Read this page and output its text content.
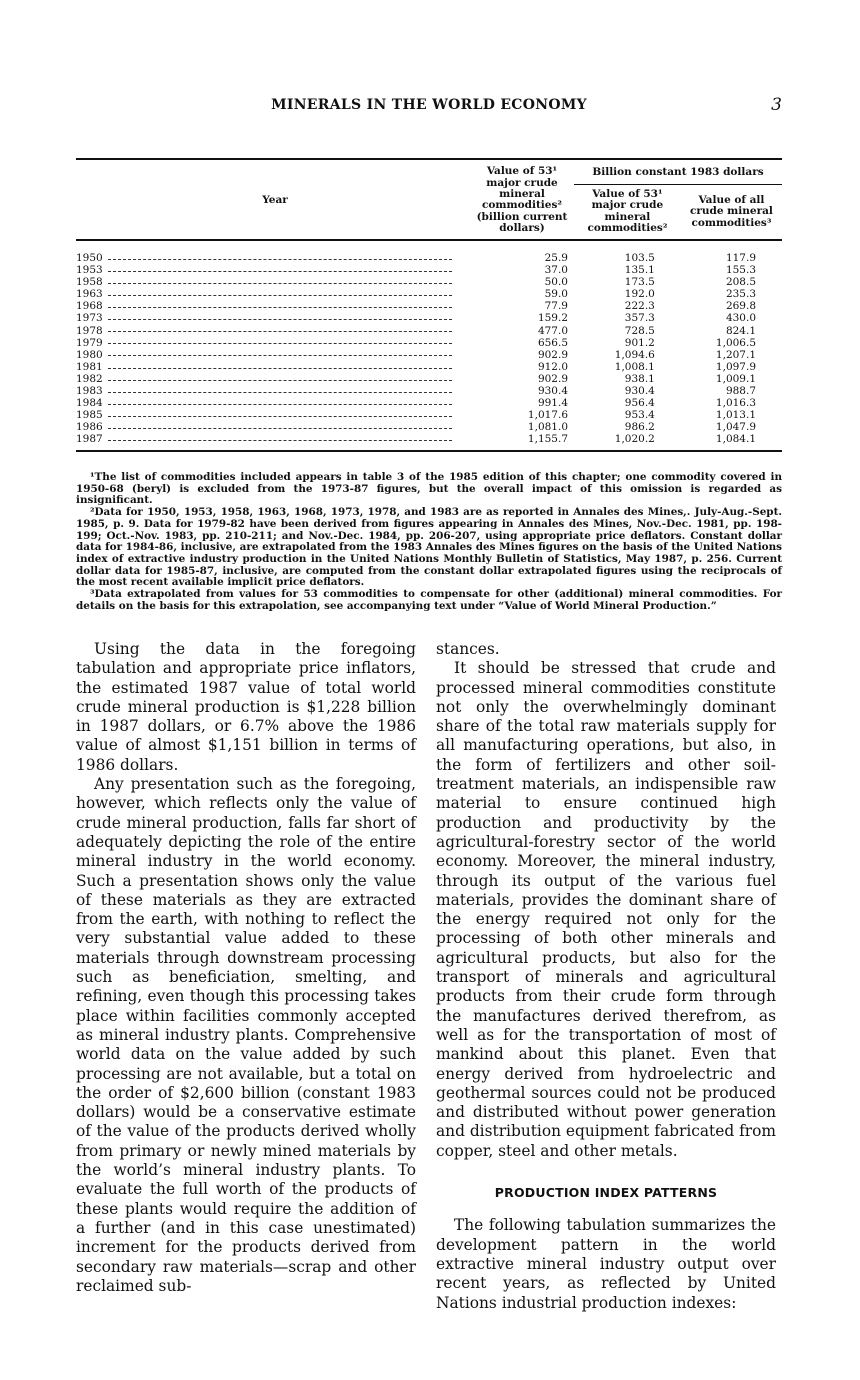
MINERALS IN THE WORLD ECONOMY	3

Year	Value of 53¹ major crude mineral commodities² (billion current dollars)	Billion constant 1983 dollars	
		Value of 53¹ major crude mineral commodities²	Value of all crude mineral commodities³

1950	25.9	103.5	117.9
1953	37.0	135.1	155.3
1958	50.0	173.5	208.5
1963	59.0	192.0	235.3
1968	77.9	222.3	269.8
1973	159.2	357.3	430.0
1978	477.0	728.5	824.1
1979	656.5	901.2	1,006.5
1980	902.9	1,094.6	1,207.1
1981	912.0	1,008.1	1,097.9
1982	902.9	938.1	1,009.1
1983	930.4	930.4	988.7
1984	991.4	956.4	1,016.3
1985	1,017.6	953.4	1,013.1
1986	1,081.0	986.2	1,047.9
1987	1,155.7	1,020.2	1,084.1

¹The list of commodities included appears in table 3 of the 1985 edition of this chapter; one commodity covered in 1950-68 (beryl) is excluded from the 1973-87 figures, but the overall impact of this omission is regarded as insignificant.

²Data for 1950, 1953, 1958, 1963, 1968, 1973, 1978, and 1983 are as reported in Annales des Mines,. July-Aug.-Sept. 1985, p. 9. Data for 1979-82 have been derived from figures appearing in Annales des Mines, Nov.-Dec. 1981, pp. 198-199; Oct.-Nov. 1983, pp. 210-211; and Nov.-Dec. 1984, pp. 206-207, using appropriate price deflators. Constant dollar data for 1984-86, inclusive, are extrapolated from the 1983 Annales des Mines figures on the basis of the United Nations index of extractive industry production in the United Nations Monthly Bulletin of Statistics, May 1987, p. 256. Current dollar data for 1985-87, inclusive, are computed from the constant dollar extrapolated figures using the reciprocals of the most recent available implicit price deflators.

³Data extrapolated from values for 53 commodities to compensate for other (additional) mineral commodities. For details on the basis for this extrapolation, see accompanying text under “Value of World Mineral Production.”

Using the data in the foregoing tabulation and appropriate price inflators, the estimated 1987 value of total world crude mineral production is $1,228 billion in 1987 dollars, or 6.7% above the 1986 value of almost $1,151 billion in terms of 1986 dollars.

Any presentation such as the foregoing, however, which reflects only the value of crude mineral production, falls far short of adequately depicting the role of the entire mineral industry in the world economy. Such a presentation shows only the value of these materials as they are extracted from the earth, with nothing to reflect the very substantial value added to these materials through downstream processing such as beneficiation, smelting, and refining, even though this processing takes place within facilities commonly accepted as mineral industry plants. Comprehensive world data on the value added by such processing are not available, but a total on the order of $2,600 billion (constant 1983 dollars) would be a conservative estimate of the value of the products derived wholly from primary or newly mined materials by the world’s mineral industry plants. To evaluate the full worth of the products of these plants would require the addition of a further (and in this case unestimated) increment for the products derived from secondary raw materials—scrap and other reclaimed sub-

stances.

It should be stressed that crude and processed mineral commodities constitute not only the overwhelmingly dominant share of the total raw materials supply for all manufacturing operations, but also, in the form of fertilizers and other soil-treatment materials, an indispensible raw material to ensure continued high production and productivity by the agricultural-forestry sector of the world economy. Moreover, the mineral industry, through its output of the various fuel materials, provides the dominant share of the energy required not only for the processing of both other minerals and agricultural products, but also for the transport of minerals and agricultural products from their crude form through the manufactures derived therefrom, as well as for the transportation of most of mankind about this planet. Even that energy derived from hydroelectric and geothermal sources could not be produced and distributed without power generation and distribution equipment fabricated from copper, steel and other metals.

PRODUCTION INDEX PATTERNS

The following tabulation summarizes the development pattern in the world extractive mineral industry output over recent years, as reflected by United Nations industrial production indexes:
